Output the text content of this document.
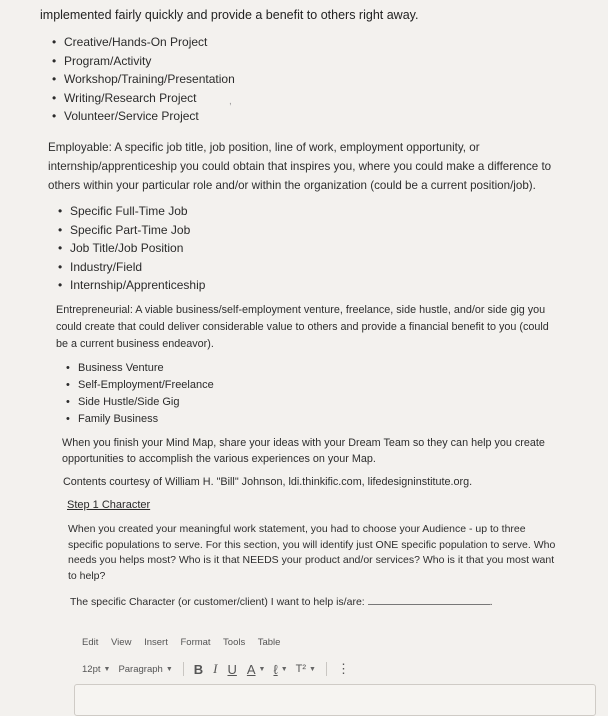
implemented fairly quickly and provide a benefit to others right away.
• Creative/Hands-On Project
• Program/Activity
• Workshop/Training/Presentation
• Writing/Research Project
• Volunteer/Service Project
,
Employable: A specific job title, job position, line of work, employment opportunity, or internship/apprenticeship you could obtain that inspires you, where you could make a difference to others within your particular role and/or within the organization (could be a current position/job).
• Specific Full-Time Job
• Specific Part-Time Job
• Job Title/Job Position
• Industry/Field
• Internship/Apprenticeship
Entrepreneurial: A viable business/self-employment venture, freelance, side hustle, and/or side gig you could create that could deliver considerable value to others and provide a financial benefit to you (could be a current business endeavor).
• Business Venture
• Self-Employment/Freelance
• Side Hustle/Side Gig
• Family Business
When you finish your Mind Map, share your ideas with your Dream Team so they can help you create opportunities to accomplish the various experiences on your Map.
Contents courtesy of William H. "Bill" Johnson, ldi.thinkific.com, lifedesigninstitute.org.
Step 1 Character
When you created your meaningful work statement, you had to choose your Audience - up to three specific populations to serve. For this section, you will identify just ONE specific population to serve. Who needs you helps most? Who is it that NEEDS your product and/or services? Who is it that you most want to help?
The specific Character (or customer/client) I want to help is/are:	.
Edit View Insert Format Tools Table
12pt ▼ Paragraph ▼ B I U A ▼ ℓ ▼ T² ▼ ⋮
